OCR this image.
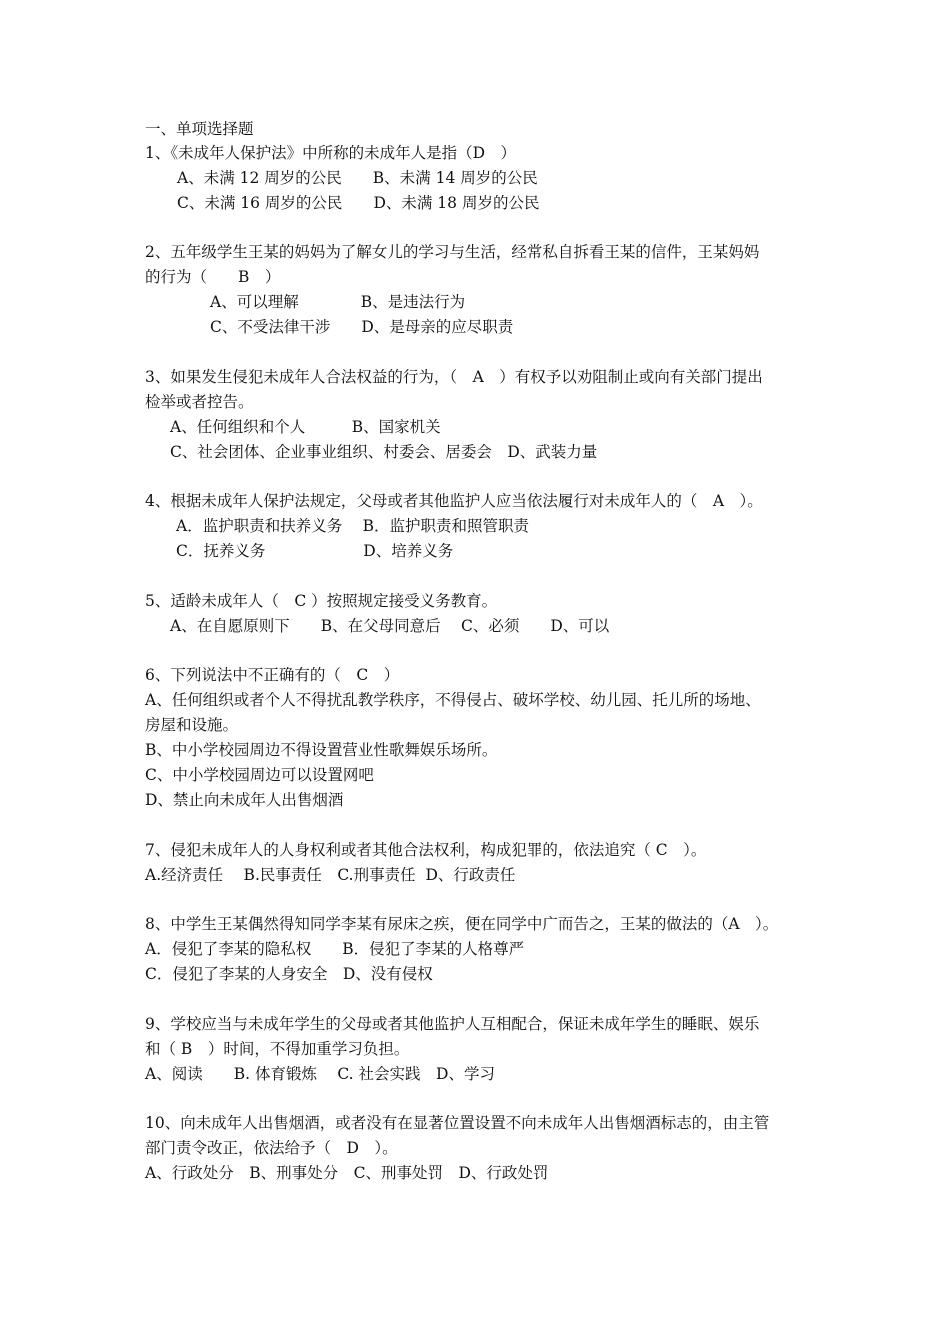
一、单项选择题
1、《未成年人保护法》中所称的未成年人是指（D　）
A、未满 12 周岁的公民　　B、未满 14 周岁的公民
C、未满 16 周岁的公民　　D、未满 18 周岁的公民
2、五年级学生王某的妈妈为了解女儿的学习与生活，经常私自拆看王某的信件，王某妈妈
的行为（　　B　）
A、可以理解　　　　B、是违法行为
C、不受法律干涉　　D、是母亲的应尽职责
3、如果发生侵犯未成年人合法权益的行为，（　A　）有权予以劝阻制止或向有关部门提出
检举或者控告。
A、任何组织和个人　　　B、国家机关
C、社会团体、企业事业组织、村委会、居委会　D、武装力量
4、根据未成年人保护法规定，父母或者其他监护人应当依法履行对未成年人的（　A　）。
A．监护职责和扶养义务　 B．监护职责和照管职责
C．抚养义务　　　　　　 D、培养义务
5、适龄未成年人（　C ）按照规定接受义务教育。
A、在自愿原则下　　B、在父母同意后　 C、必须　　D、可以
6、下列说法中不正确有的（　C　）
A、任何组织或者个人不得扰乱教学秩序，不得侵占、破坏学校、幼儿园、托儿所的场地、
房屋和设施。
B、中小学校园周边不得设置营业性歌舞娱乐场所。
C、中小学校园周边可以设置网吧
D、禁止向未成年人出售烟酒
7、侵犯未成年人的人身权利或者其他合法权利，构成犯罪的，依法追究（ C　）。
A.经济责任　 B.民事责任　C.刑事责任  D、行政责任
8、中学生王某偶然得知同学李某有尿床之疾，便在同学中广而告之，王某的做法的（A　）。
A．侵犯了李某的隐私权　　B．侵犯了李某的人格尊严
C．侵犯了李某的人身安全　D、没有侵权
9、学校应当与未成年学生的父母或者其他监护人互相配合，保证未成年学生的睡眠、娱乐
和（ B　）时间，不得加重学习负担。
A、阅读　　B. 体育锻炼　 C. 社会实践　D、学习
10、向未成年人出售烟酒，或者没有在显著位置设置不向未成年人出售烟酒标志的，由主管
部门责令改正，依法给予（　D　）。
A、行政处分　B、刑事处分　C、刑事处罚　D、行政处罚
